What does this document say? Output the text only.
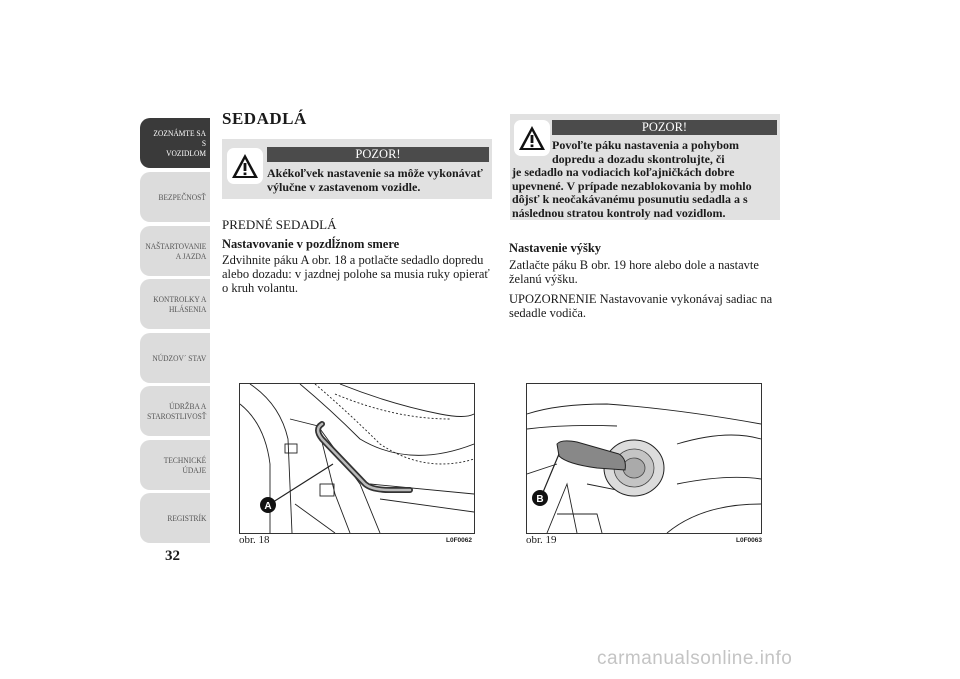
ZOZNÁMTE SA S
VOZIDLOM
BEZPEČNOSŤ
NAŠTARTOVANIE
A JAZDA
KONTROLKY A
HLÁSENIA
NÚDZOV´ STAV
ÚDRŽBA A
STAROSTLIVOSŤ
TECHNICKÉ
ÚDAJE
REGISTRÍK
32
SEDADLÁ
POZOR!
Akékoľvek nastavenie sa môže vykonávať
výlučne v zastavenom vozidle.
PREDNÉ SEDADLÁ
Nastavovanie v pozdĺžnom smere

Zdvihnite páku A obr. 18 a potlačte sedadlo dopredu
alebo dozadu: v jazdnej polohe sa musia ruky opierať
o kruh volantu.

POZOR!
Povoľte páku nastavenia a pohybom
dopredu a dozadu skontrolujte, či
je sedadlo na vodiacich koľajničkách dobre
upevnené. V prípade nezablokovania by mohlo
dôjsť k neočakávanému posunutiu sedadla a s
následnou stratou kontroly nad vozidlom.
Nastavenie výšky

Zatlačte páku B obr. 19 hore alebo dole a nastavte
želanú výšku.

UPOZORNENIE Nastavovanie vykonávaj sadiac na
sedadle vodiča.

A
obr. 18	L0F0062
B
obr. 19	L0F0063
carmanualsonline.info
